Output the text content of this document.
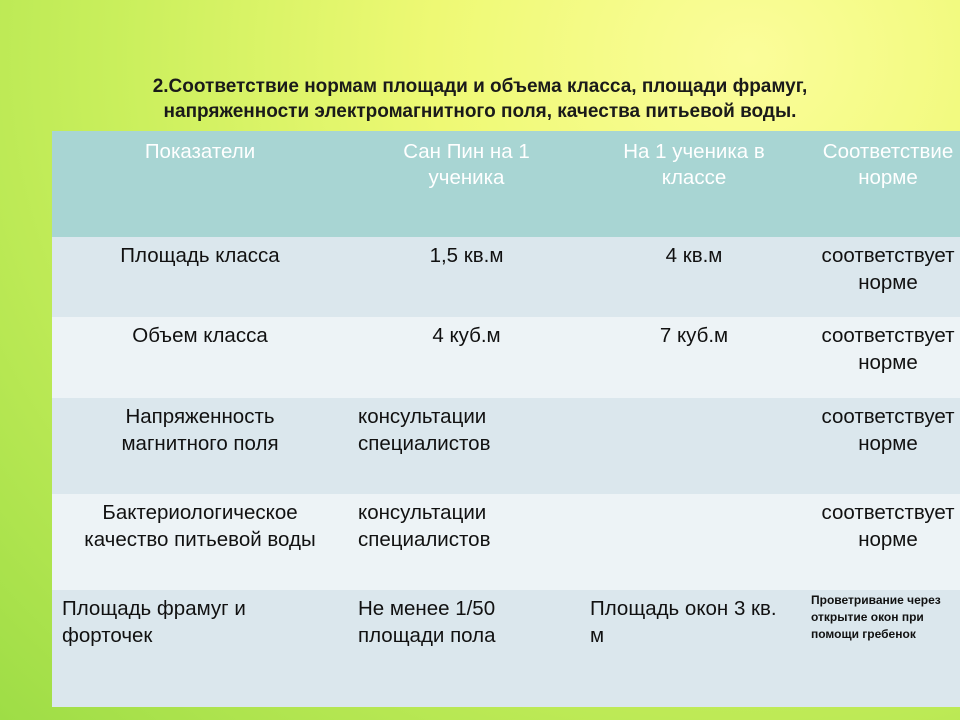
2.Соответствие нормам площади и объема класса, площади фрамуг,
напряженности электромагнитного поля, качества питьевой воды.
Показатели	Сан Пин на 1 ученика	На 1 ученика в классе	Соответствие норме
Площадь класса	1,5 кв.м	4 кв.м	соответствует норме
Объем класса	4 куб.м	7 куб.м	соответствует норме
Напряженность магнитного поля	консультации специалистов		соответствует норме
Бактериологическое качество питьевой воды	консультации специалистов		соответствует норме
Площадь фрамуг и форточек	Не менее 1/50 площади пола	Площадь окон 3 кв. м	Проветривание через открытие окон при помощи гребенок
